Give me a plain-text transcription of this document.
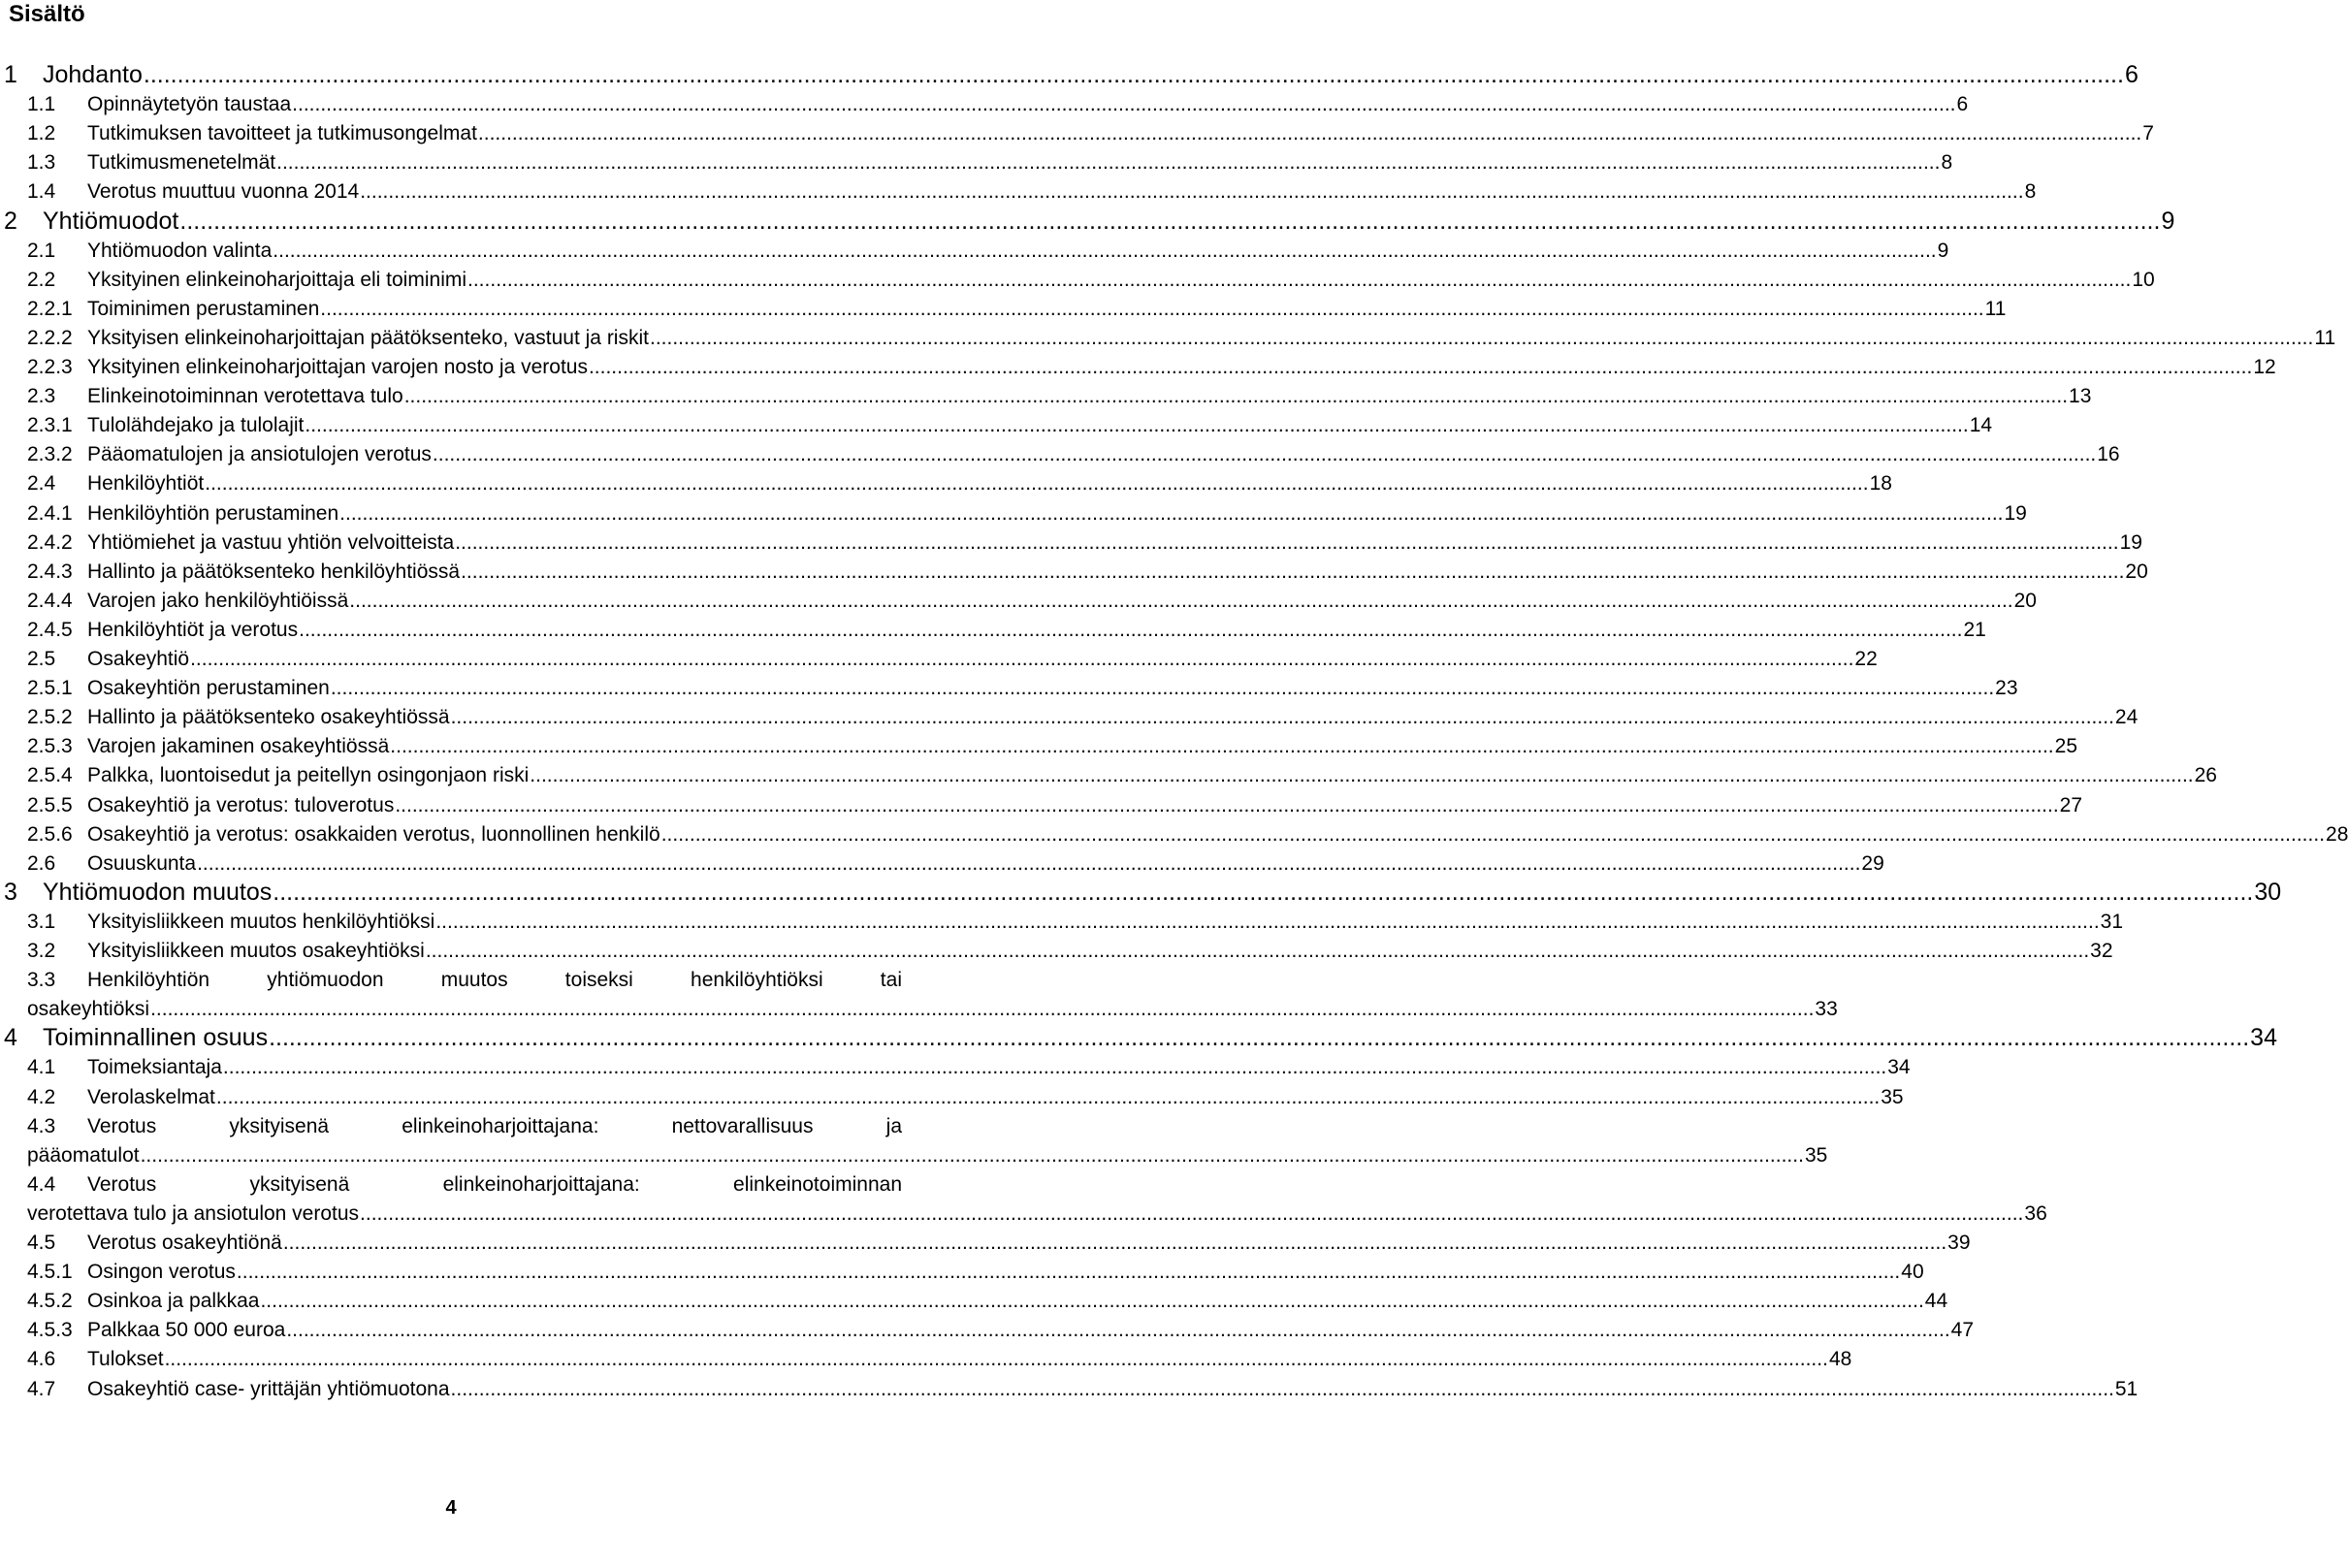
Sisältö
1	Johdanto .....	6
1.1	Opinnäytetyön taustaa .....	6
1.2	Tutkimuksen tavoitteet ja tutkimusongelmat .....	7
1.3	Tutkimusmenetelmät .....	8
1.4	Verotus muuttuu vuonna 2014 .....	8
2	Yhtiömuodot .....	9
2.1	Yhtiömuodon valinta .....	9
2.2	Yksityinen elinkeinoharjoittaja eli toiminimi .....	10
2.2.1 Toiminimen perustaminen .....	11
2.2.2 Yksityisen elinkeinoharjoittajan päätöksenteko, vastuut ja riskit .....	11
2.2.3 Yksityinen elinkeinoharjoittajan varojen nosto ja verotus .....	12
2.3	Elinkeinotoiminnan verotettava tulo .....	13
2.3.1 Tulolähdejako ja tulolajit .....	14
2.3.2 Pääomatulojen ja ansiotulojen verotus .....	16
2.4	Henkilöyhtiöt .....	18
2.4.1 Henkilöyhtiön perustaminen .....	19
2.4.2 Yhtiömiehet ja vastuu yhtiön velvoitteista .....	19
2.4.3 Hallinto ja päätöksenteko henkilöyhtiössä .....	20
2.4.4 Varojen jako henkilöyhtiöissä .....	20
2.4.5 Henkilöyhtiöt ja verotus .....	21
2.5	Osakeyhtiö .....	22
2.5.1 Osakeyhtiön perustaminen .....	23
2.5.2 Hallinto ja päätöksenteko osakeyhtiössä .....	24
2.5.3 Varojen jakaminen osakeyhtiössä .....	25
2.5.4 Palkka, luontoisedut ja peitellyn osingonjaon riski .....	26
2.5.5 Osakeyhtiö ja verotus: tuloverotus .....	27
2.5.6 Osakeyhtiö ja verotus: osakkaiden verotus, luonnollinen henkilö .....	28
2.6	Osuuskunta .....	29
3	Yhtiömuodon muutos .....	30
3.1	Yksityisliikkeen muutos henkilöyhtiöksi .....	31
3.2	Yksityisliikkeen muutos osakeyhtiöksi .....	32
3.3	Henkilöyhtiön yhtiömuodon muutos toiseksi henkilöyhtiöksi tai
osakeyhtiöksi .....	33
4	Toiminnallinen osuus .....	34
4.1	Toimeksiantaja .....	34
4.2	Verolaskelmat .....	35
4.3	Verotus yksityisenä elinkeinoharjoittajana: nettovarallisuus ja
pääomatulot .....	35
4.4	Verotus yksityisenä elinkeinoharjoittajana: elinkeinotoiminnan
verotettava tulo ja ansiotulon verotus .....	36
4.5	Verotus osakeyhtiönä .....	39
4.5.1 Osingon verotus .....	40
4.5.2 Osinkoa ja palkkaa .....	44
4.5.3 Palkkaa 50 000 euroa .....	47
4.6	Tulokset .....	48
4.7	Osakeyhtiö case- yrittäjän yhtiömuotona .....	51
4
